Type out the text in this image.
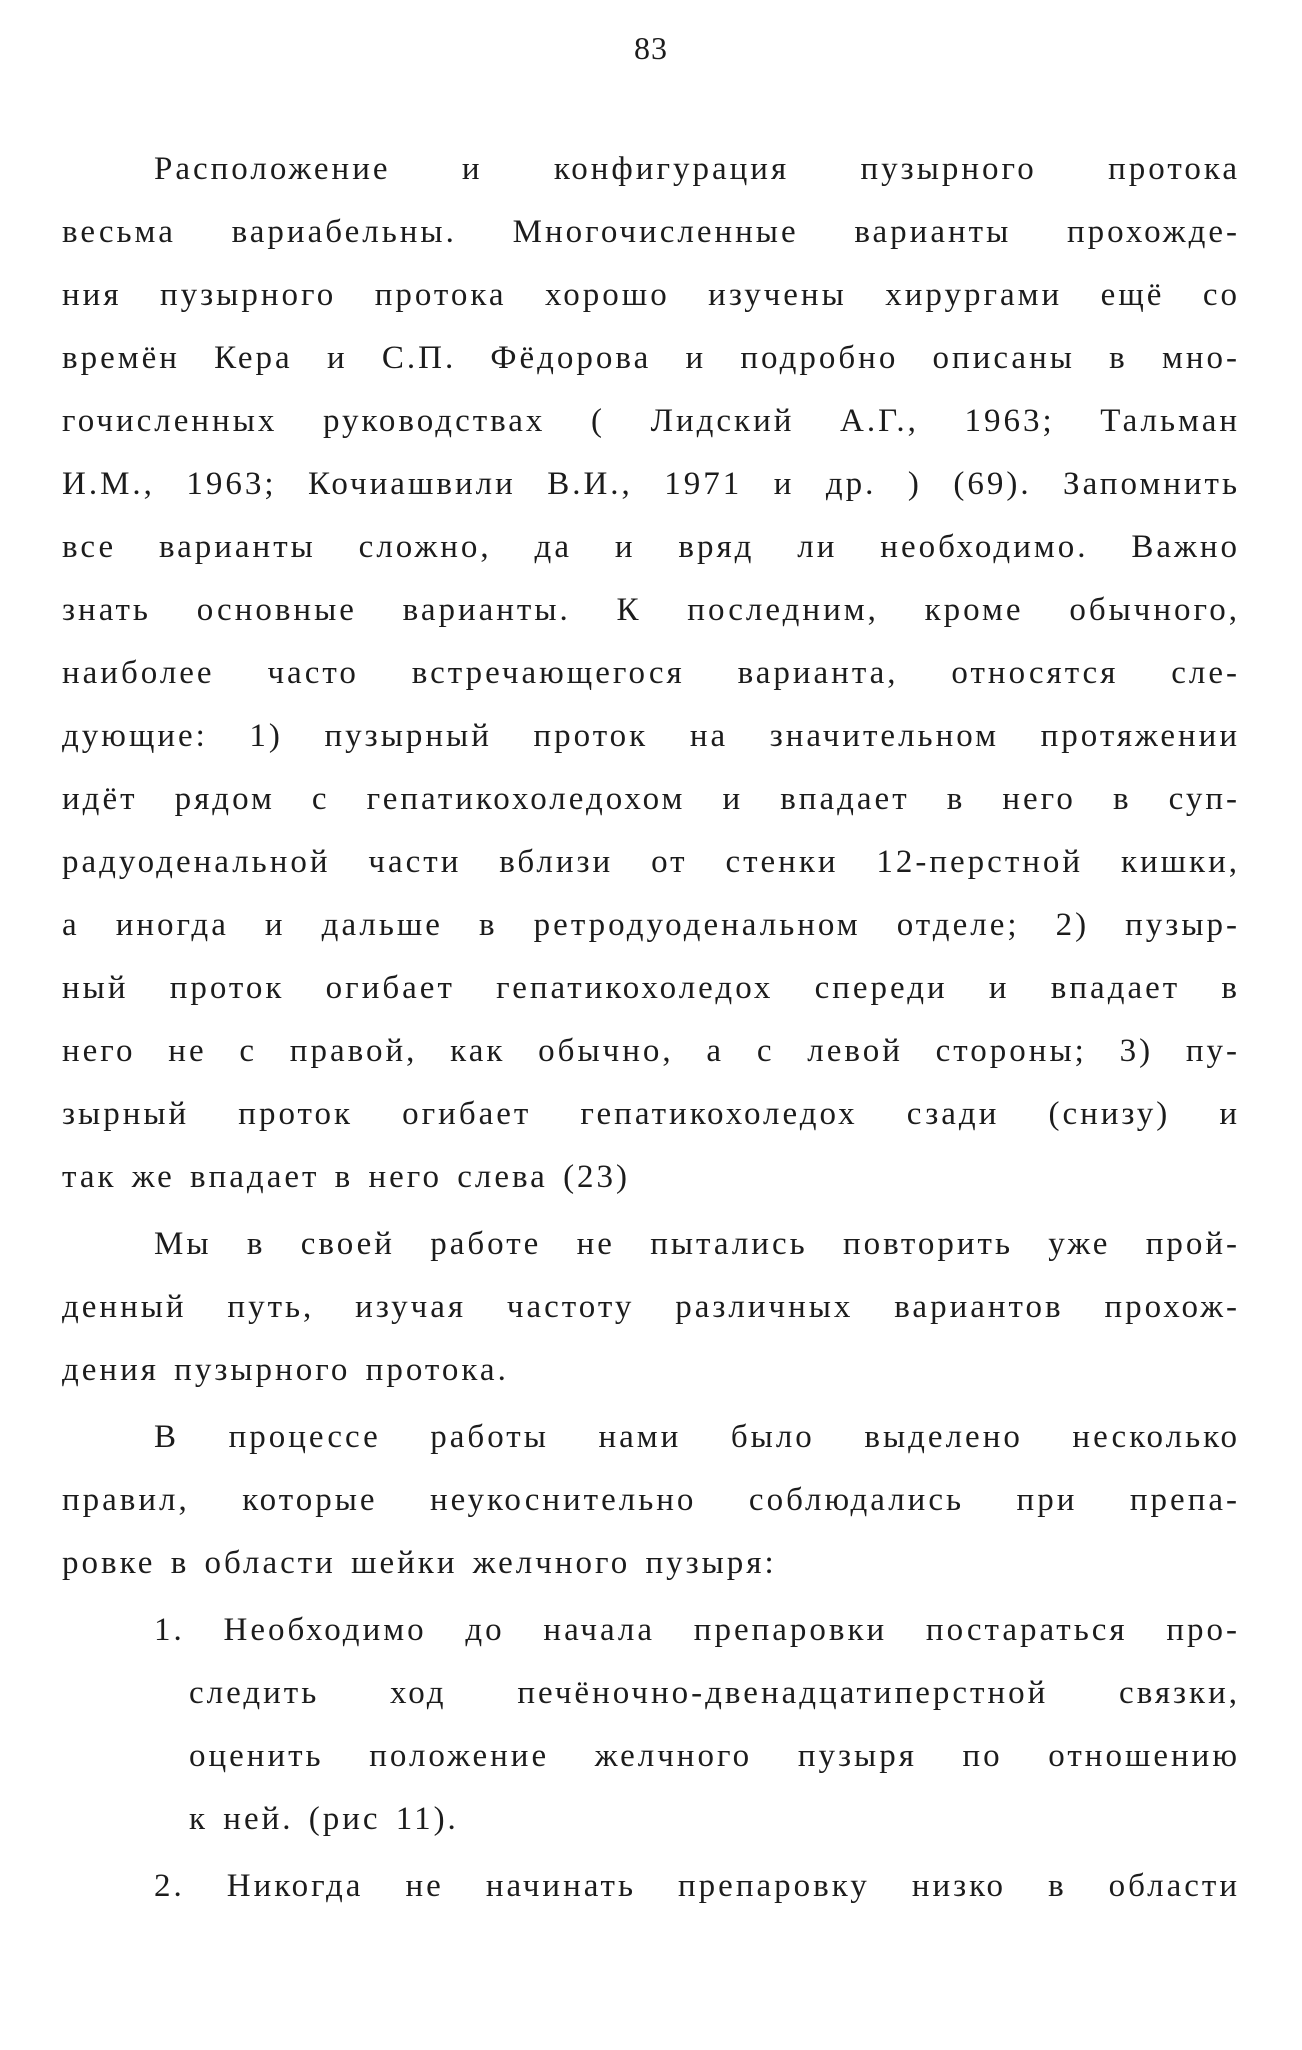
83
Расположение и конфигурация пузырного протока
весьма вариабельны. Многочисленные варианты прохожде-
ния пузырного протока хорошо изучены хирургами ещё со
времён Кера и С.П. Фёдорова и подробно описаны в мно-
гочисленных руководствах ( Лидский А.Г., 1963; Тальман
И.М., 1963; Кочиашвили В.И., 1971 и др. ) (69). Запомнить
все варианты сложно, да и вряд ли необходимо. Важно
знать основные варианты. К последним, кроме обычного,
наиболее часто встречающегося варианта, относятся сле-
дующие: 1) пузырный проток на значительном протяжении
идёт рядом с гепатикохоледохом и впадает в него в суп-
радуоденальной части вблизи от стенки 12-перстной кишки,
а иногда и дальше в ретродуоденальном отделе; 2) пузыр-
ный проток огибает гепатикохоледох спереди и впадает в
него не с правой, как обычно, а с левой стороны; 3) пу-
зырный проток огибает гепатикохоледох сзади (снизу) и
так же впадает в него слева (23)
Мы в своей работе не пытались повторить уже прой-
денный путь, изучая частоту различных вариантов прохож-
дения пузырного протока.
В процессе работы нами было выделено несколько
правил, которые неукоснительно соблюдались при препа-
ровке в области шейки желчного пузыря:
1. Необходимо до начала препаровки постараться про-
следить ход печёночно-двенадцатиперстной связки,
оценить положение желчного пузыря по отношению
к ней. (рис 11).
2. Никогда не начинать препаровку низко в области
